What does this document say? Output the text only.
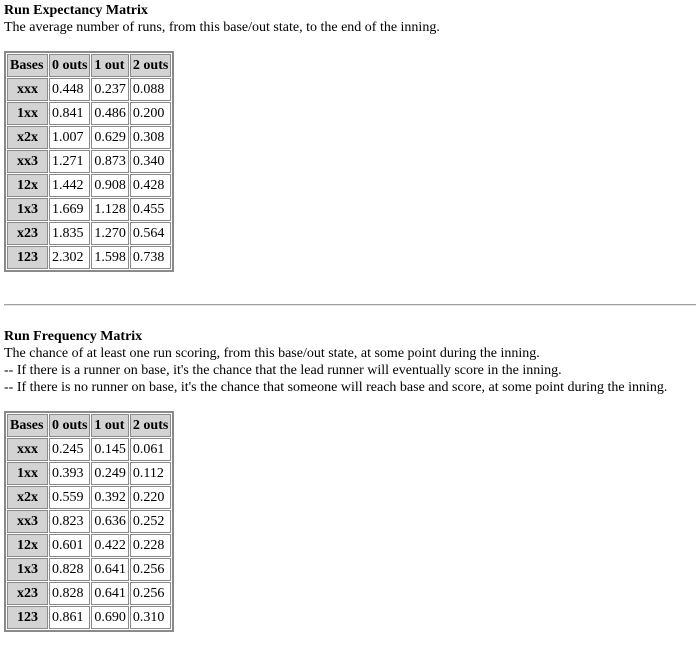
Run Expectancy Matrix

The average number of runs, from this base/out state, to the end of the inning.

Bases	0 outs	1 out	2 outs
xxx	0.448	0.237	0.088
1xx	0.841	0.486	0.200
x2x	1.007	0.629	0.308
xx3	1.271	0.873	0.340
12x	1.442	0.908	0.428
1x3	1.669	1.128	0.455
x23	1.835	1.270	0.564
123	2.302	1.598	0.738
Run Frequency Matrix

The chance of at least one run scoring, from this base/out state, at some point during the inning.

-- If there is a runner on base, it's the chance that the lead runner will eventually score in the inning.

-- If there is no runner on base, it's the chance that someone will reach base and score, at some point during the inning.

Bases	0 outs	1 out	2 outs
xxx	0.245	0.145	0.061
1xx	0.393	0.249	0.112
x2x	0.559	0.392	0.220
xx3	0.823	0.636	0.252
12x	0.601	0.422	0.228
1x3	0.828	0.641	0.256
x23	0.828	0.641	0.256
123	0.861	0.690	0.310
